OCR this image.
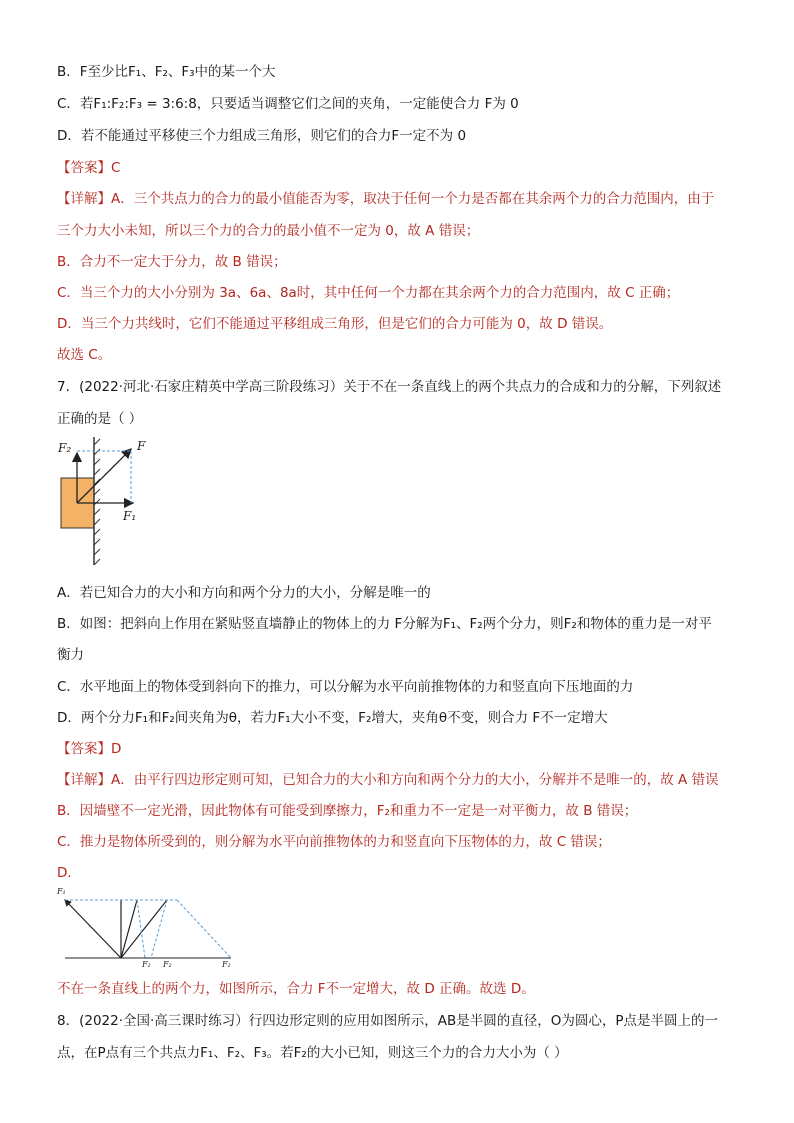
B．F至少比F₁、F₂、F₃中的某一个大
C．若F₁:F₂:F₃ = 3:6:8，只要适当调整它们之间的夹角，一定能使合力 F为 0
D．若不能通过平移使三个力组成三角形，则它们的合力F一定不为 0
【答案】C
【详解】A．三个共点力的合力的最小值能否为零，取决于任何一个力是否都在其余两个力的合力范围内，由于
三个力大小未知，所以三个力的合力的最小值不一定为 0，故 A 错误；
B．合力不一定大于分力，故 B 错误；
C．当三个力的大小分别为 3a、6a、8a时，其中任何一个力都在其余两个力的合力范围内，故 C 正确；
D．当三个力共线时，它们不能通过平移组成三角形，但是它们的合力可能为 0，故 D 错误。
故选 C。
7．(2022·河北·石家庄精英中学高三阶段练习）关于不在一条直线上的两个共点力的合成和力的分解，下列叙述
正确的是（ ）
F₂	F
F₁
A．若已知合力的大小和方向和两个分力的大小，分解是唯一的
B．如图：把斜向上作用在紧贴竖直墙静止的物体上的力 F分解为F₁、F₂两个分力，则F₂和物体的重力是一对平
衡力
C．水平地面上的物体受到斜向下的推力，可以分解为水平向前推物体的力和竖直向下压地面的力
D．两个分力F₁和F₂间夹角为θ，若力F₁大小不变，F₂增大，夹角θ不变，则合力 F不一定增大
【答案】D
【详解】A．由平行四边形定则可知，已知合力的大小和方向和两个分力的大小，分解并不是唯一的，故 A 错误
B．因墙壁不一定光滑，因此物体有可能受到摩擦力，F₂和重力不一定是一对平衡力，故 B 错误；
C．推力是物体所受到的，则分解为水平向前推物体的力和竖直向下压物体的力，故 C 错误；
D．
F₁
F₂ F₂	F₂
不在一条直线上的两个力，如图所示，合力 F不一定增大，故 D 正确。故选 D。
8．(2022·全国·高三课时练习）行四边形定则的应用如图所示，AB是半圆的直径，O为圆心，P点是半圆上的一
点，在P点有三个共点力F₁、F₂、F₃。若F₂的大小已知，则这三个力的合力大小为（ ）
